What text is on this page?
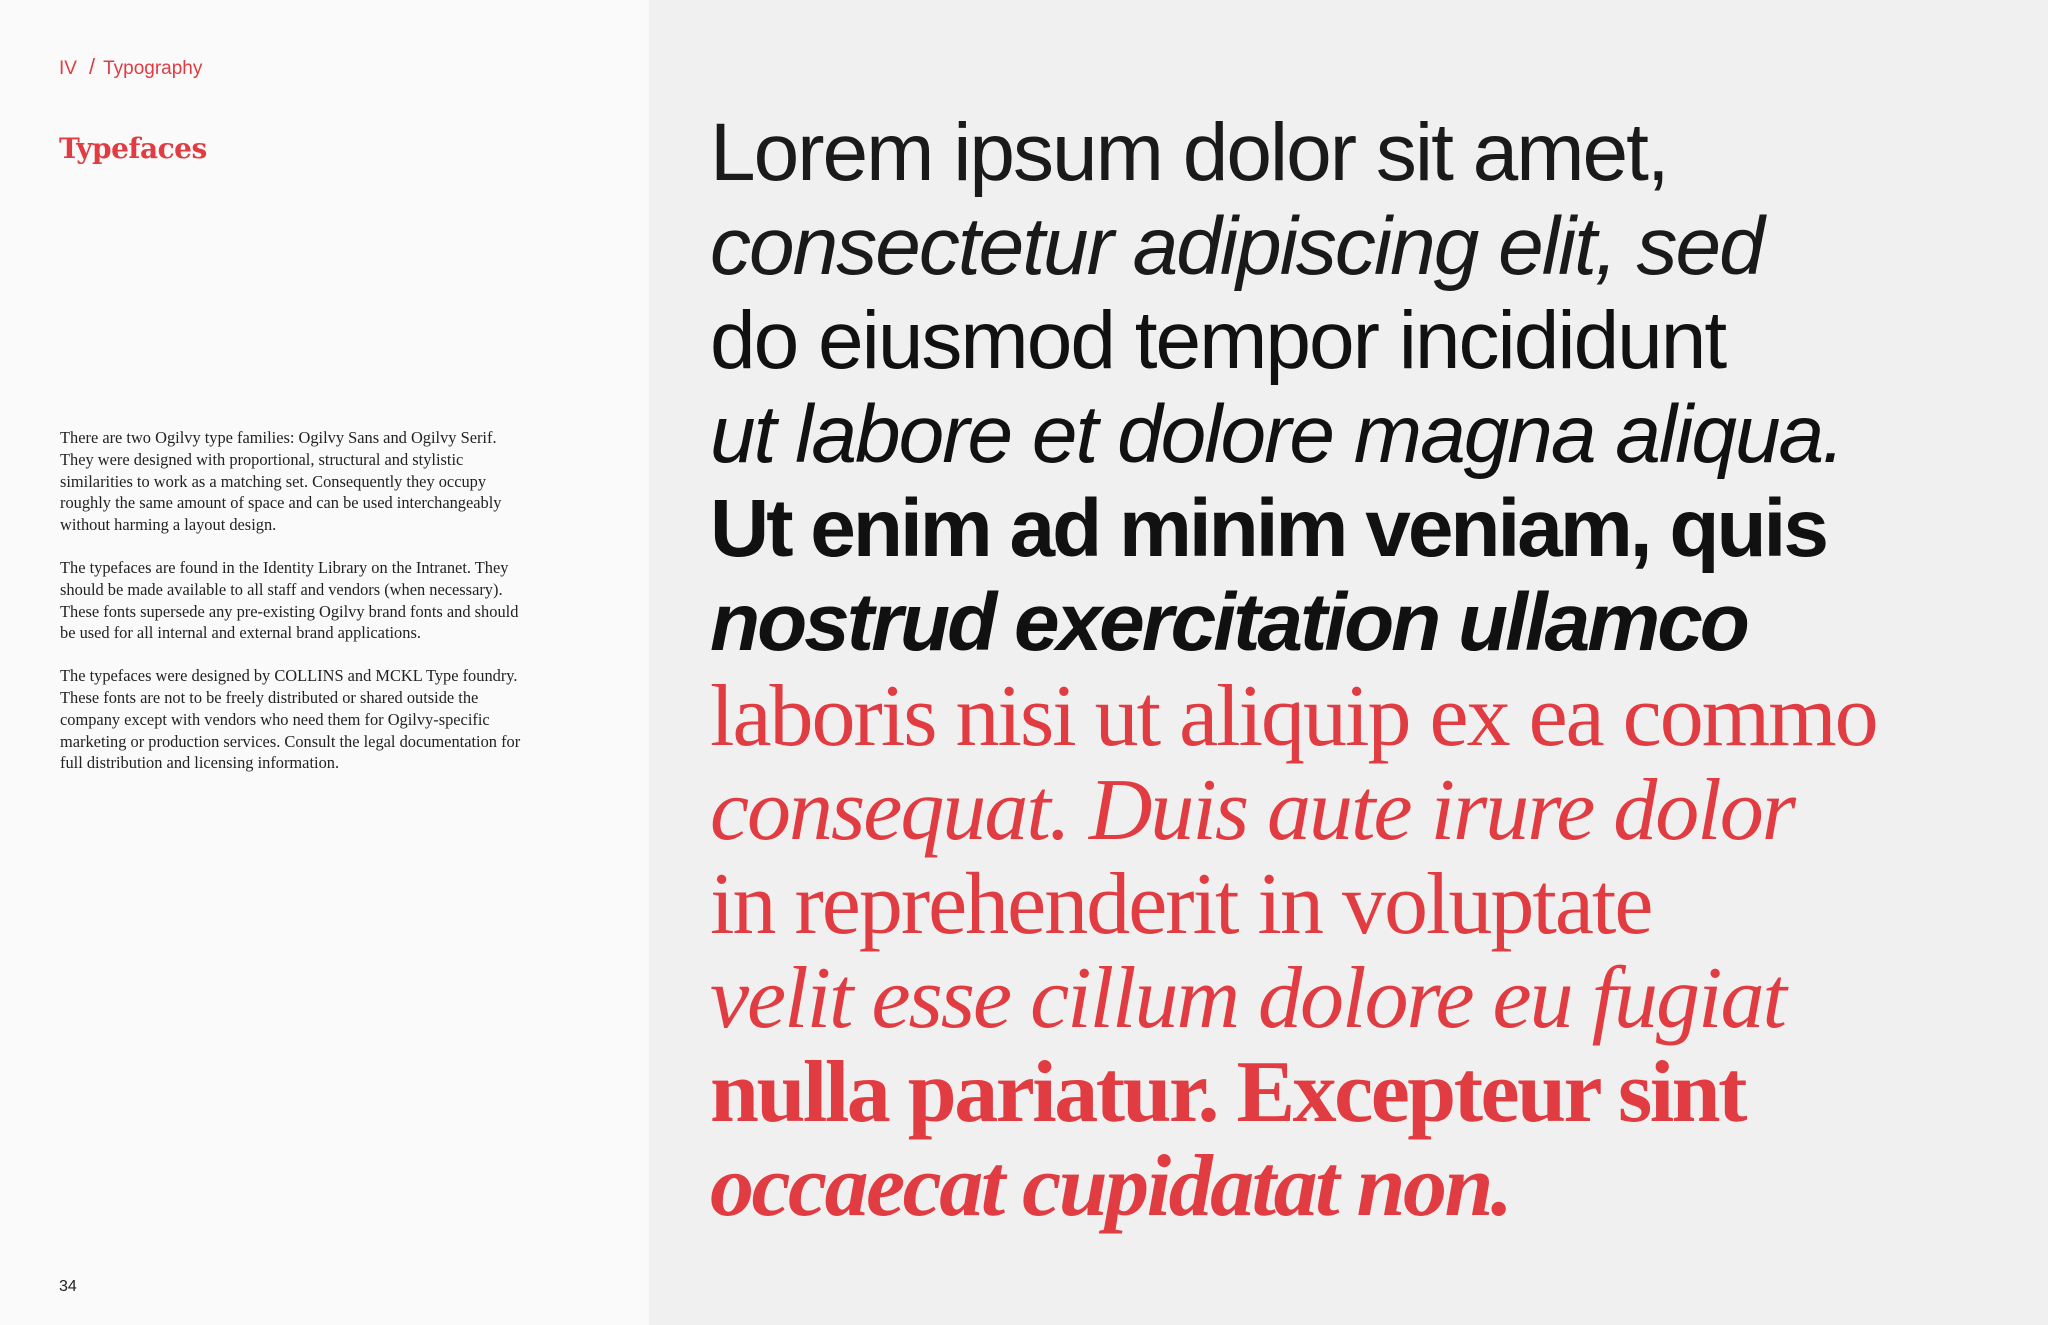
IV / Typography
Typefaces

There are two Ogilvy type families: Ogilvy Sans and Ogilvy Serif. They were designed with proportional, structural and stylistic similarities to work as a matching set. Consequently they occupy roughly the same amount of space and can be used interchangeably without harming a layout design.

The typefaces are found in the Identity Library on the Intranet. They should be made available to all staff and vendors (when necessary). These fonts supersede any pre-existing Ogilvy brand fonts and should be used for all internal and external brand applications.

The typefaces were designed by COLLINS and MCKL Type foundry. These fonts are not to be freely distributed or shared outside the company except with vendors who need them for Ogilvy-specific marketing or production services. Consult the legal documentation for full distribution and licensing information.

34
Lorem ipsum dolor sit amet,
consectetur adipiscing elit, sed
do eiusmod tempor incididunt
ut labore et dolore magna aliqua.
Ut enim ad minim veniam, quis
nostrud exercitation ullamco
laboris nisi ut aliquip ex ea commo
consequat. Duis aute irure dolor
in reprehenderit in voluptate
velit esse cillum dolore eu fugiat
nulla pariatur. Excepteur sint
occaecat cupidatat non.
